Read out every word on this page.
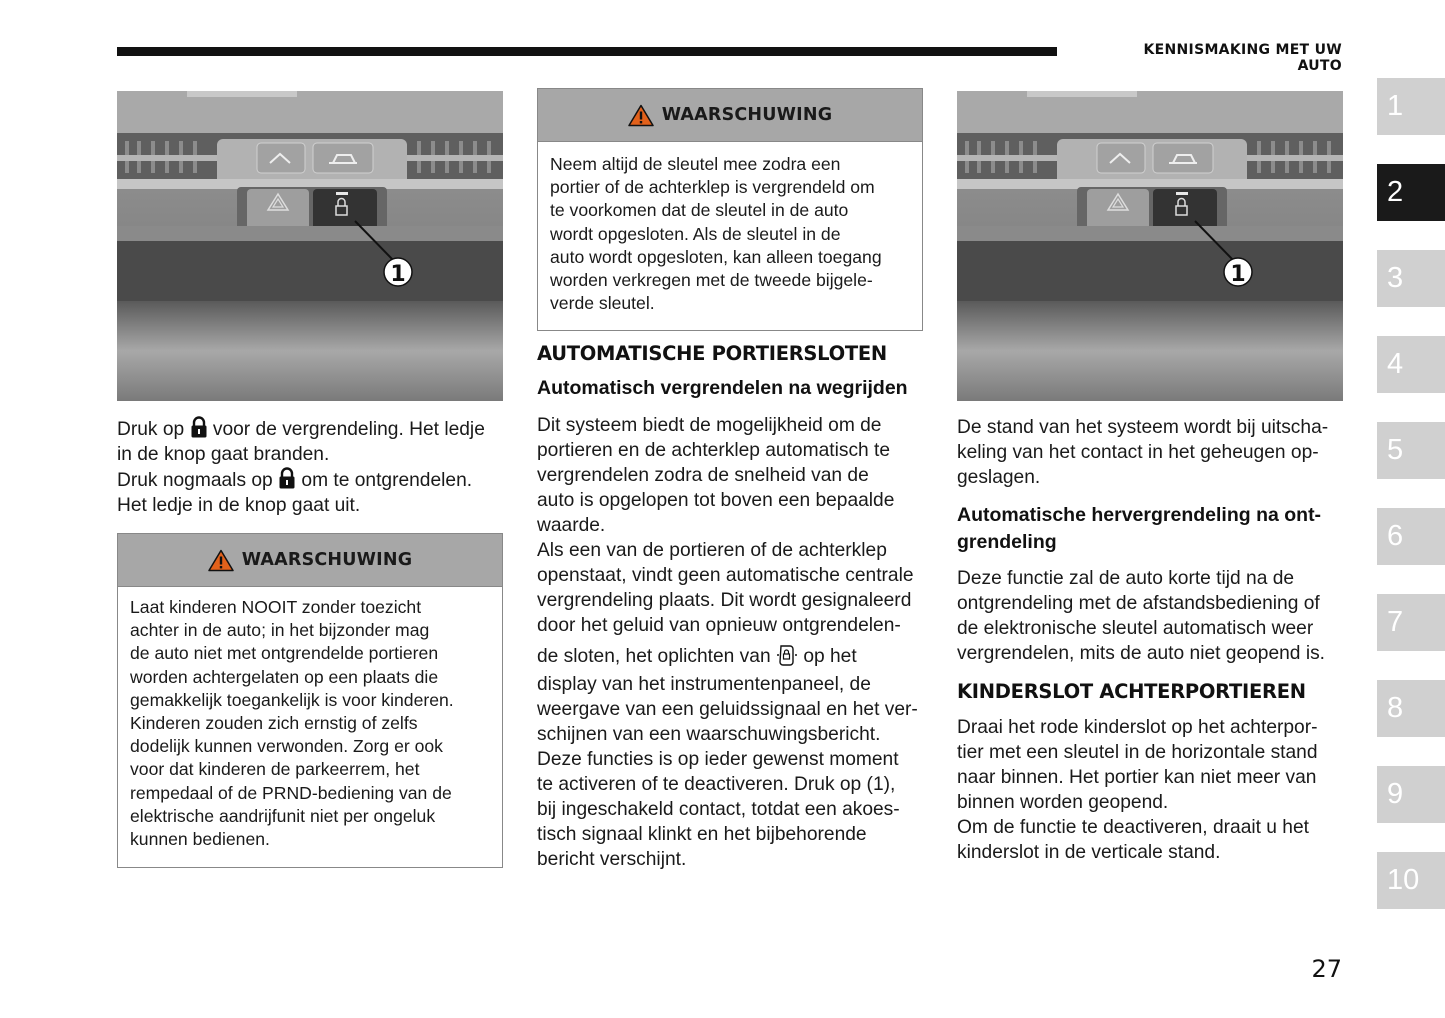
KENNISMAKING MET UW AUTO
1	1

Druk op voor de vergrendeling. Het ledje
in de knop gaat branden.
Druk nogmaals op om te ontgrendelen.
Het ledje in de knop gaat uit.

WAARSCHUWING
Laat kinderen NOOIT zonder toezicht
achter in de auto; in het bijzonder mag
de auto niet met ontgrendelde portieren
worden achtergelaten op een plaats die
gemakkelijk toegankelijk is voor kinderen.
Kinderen zouden zich ernstig of zelfs
dodelijk kunnen verwonden. Zorg er ook
voor dat kinderen de parkeerrem, het
rempedaal of de PRND-bediening van de
elektrische aandrijfunit niet per ongeluk
kunnen bedienen.
WAARSCHUWING
Neem altijd de sleutel mee zodra een
portier of de achterklep is vergrendeld om
te voorkomen dat de sleutel in de auto
wordt opgesloten. Als de sleutel in de
auto wordt opgesloten, kan alleen toegang
worden verkregen met de tweede bijgele-
verde sleutel.
AUTOMATISCHE PORTIERSLOTEN
Automatisch vergrendelen na wegrijden

Dit systeem biedt de mogelijkheid om de
portieren en de achterklep automatisch te
vergrendelen zodra de snelheid van de
auto is opgelopen tot boven een bepaalde
waarde.
Als een van de portieren of de achterklep
openstaat, vindt geen automatische centrale
vergrendeling plaats. Dit wordt gesignaleerd
door het geluid van opnieuw ontgrendelen-

de sloten, het oplichten van op het

display van het instrumentenpaneel, de
weergave van een geluidssignaal en het ver-
schijnen van een waarschuwingsbericht.
Deze functies is op ieder gewenst moment
te activeren of te deactiveren. Druk op (1),
bij ingeschakeld contact, totdat een akoes-
tisch signaal klinkt en het bijbehorende
bericht verschijnt.

De stand van het systeem wordt bij uitscha-
keling van het contact in het geheugen op-
geslagen.

Automatische hervergrendeling na ont-
grendeling

Deze functie zal de auto korte tijd na de
ontgrendeling met de afstandsbediening of
de elektronische sleutel automatisch weer
vergrendelen, mits de auto niet geopend is.

KINDERSLOT ACHTERPORTIEREN

Draai het rode kinderslot op het achterpor-
tier met een sleutel in de horizontale stand
naar binnen. Het portier kan niet meer van
binnen worden geopend.
Om de functie te deactiveren, draait u het
kinderslot in de verticale stand.

1
2
3
4
5
6
7
8
9
10
27
